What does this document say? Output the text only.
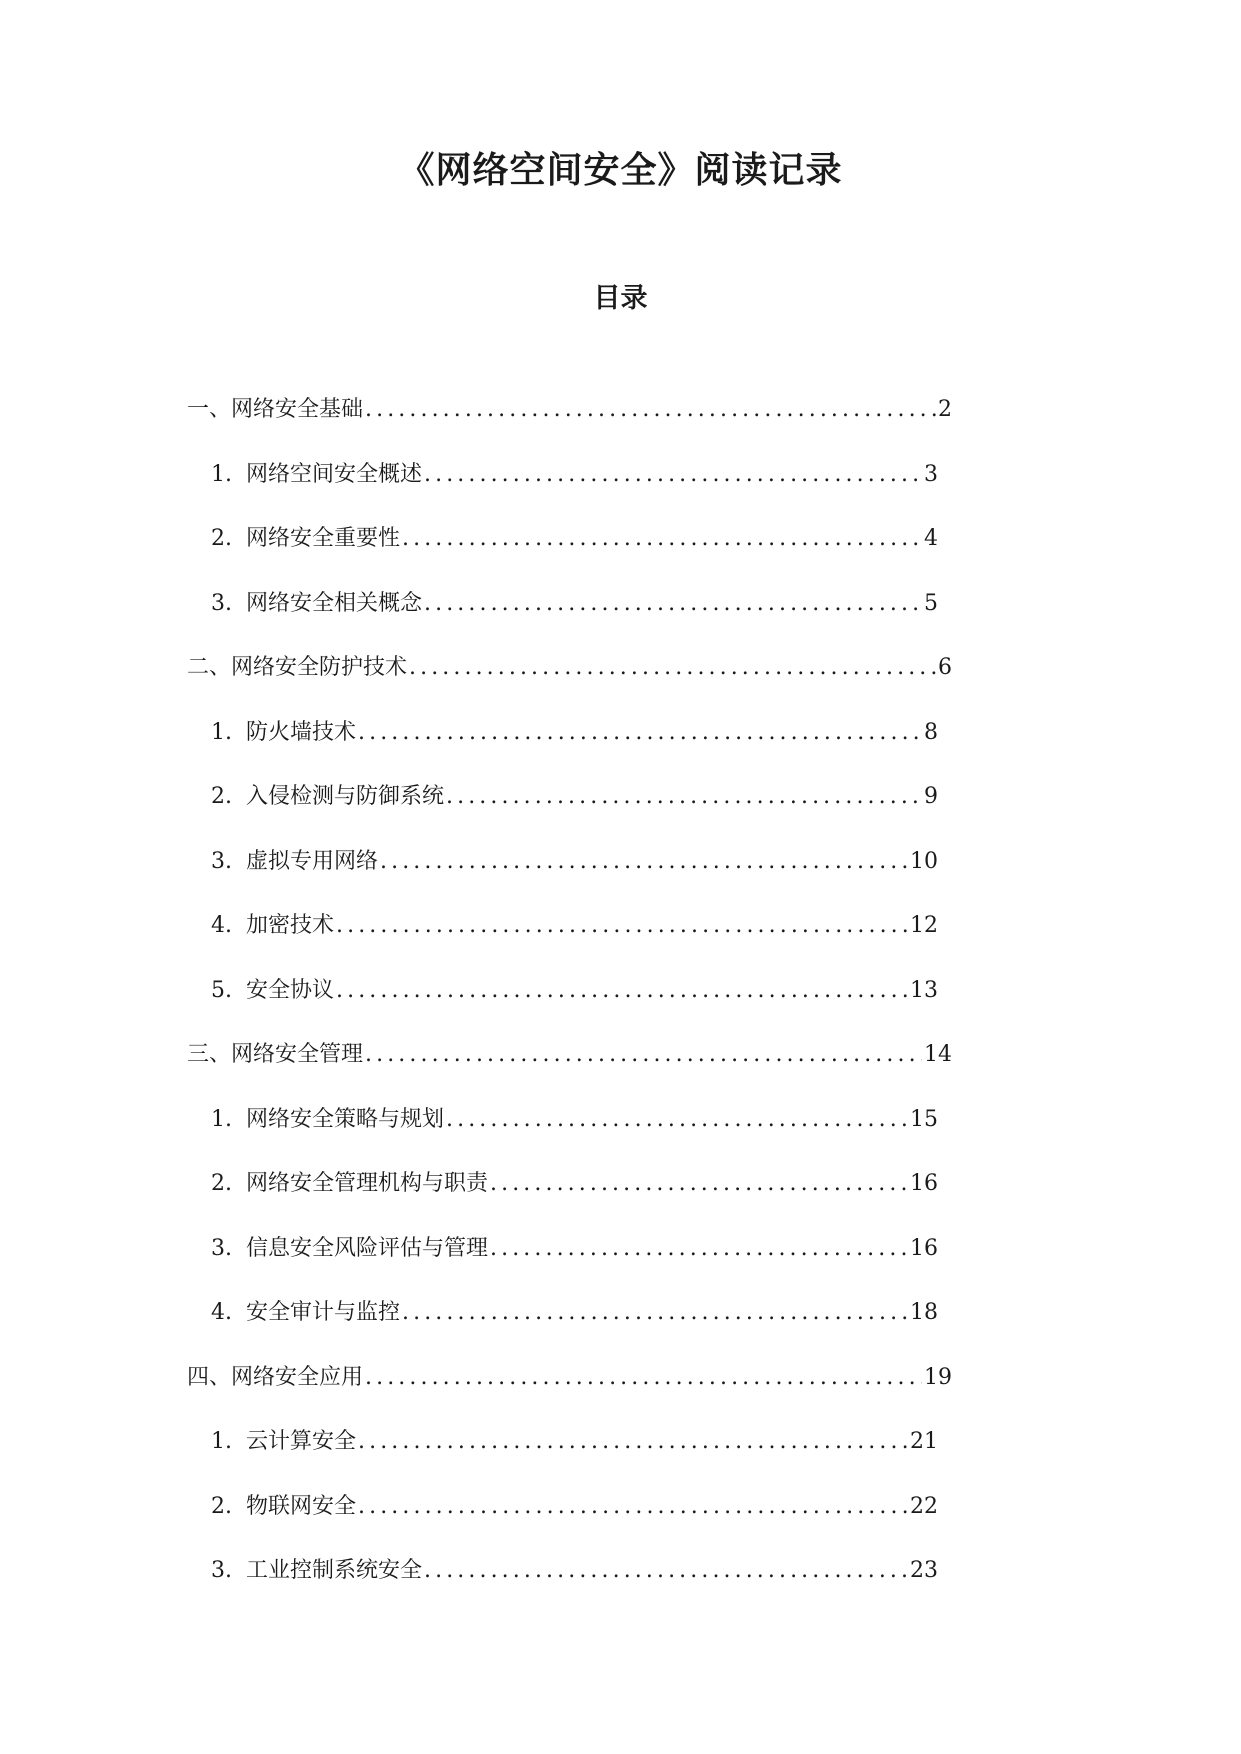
《网络空间安全》阅读记录
目录
一、网络安全基础 .....	2
1. 网络空间安全概述 .....	3
2. 网络安全重要性 .....	4
3. 网络安全相关概念 .....	5
二、网络安全防护技术 .....	6
1. 防火墙技术 .....	8
2. 入侵检测与防御系统 .....	9
3. 虚拟专用网络 .....	10
4. 加密技术 .....	12
5. 安全协议 .....	13
三、网络安全管理 .....	14
1. 网络安全策略与规划 .....	15
2. 网络安全管理机构与职责 .....	16
3. 信息安全风险评估与管理 .....	16
4. 安全审计与监控 .....	18
四、网络安全应用 .....	19
1. 云计算安全 .....	21
2. 物联网安全 .....	22
3. 工业控制系统安全 .....	23
